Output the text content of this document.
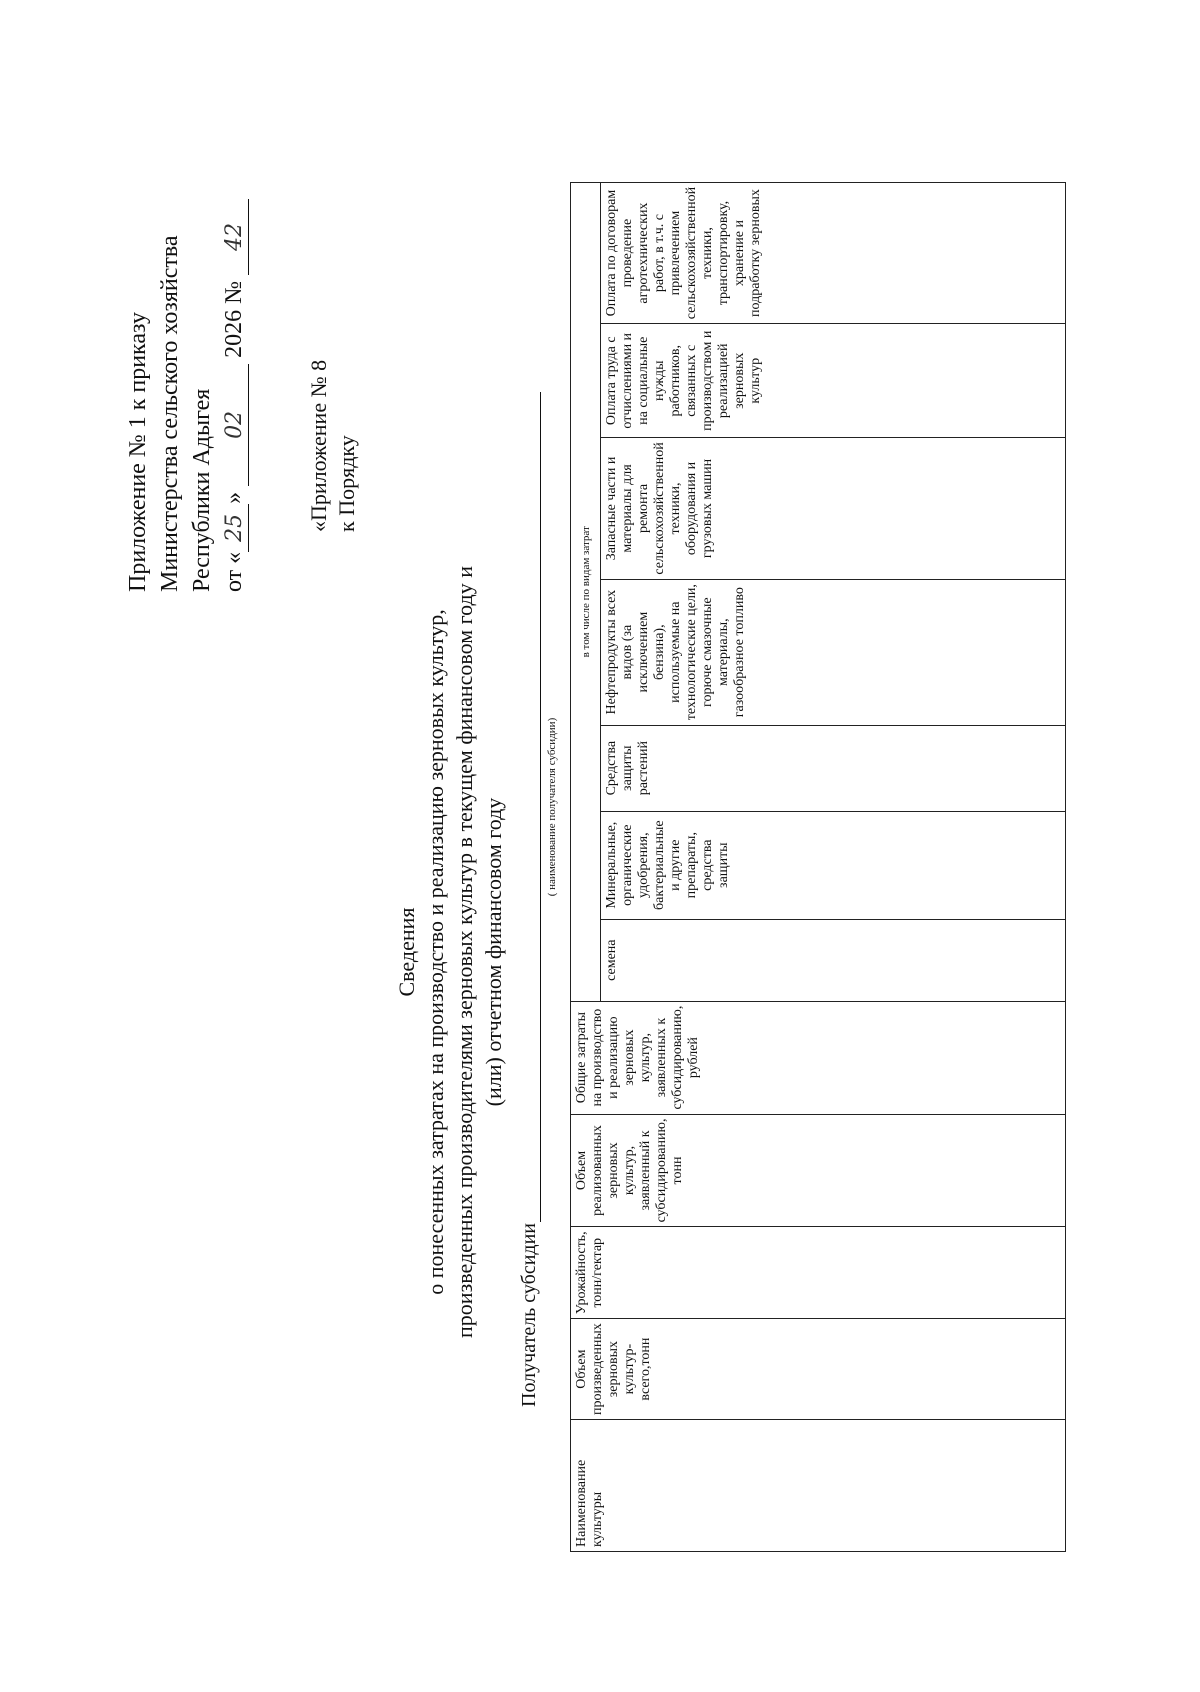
Приложение № 1 к приказу Министерства сельского хозяйства Республики Адыгея от «25» 02 2026 № 42
«Приложение № 8 к Порядку
Сведения о понесенных затратах на производство и реализацию зерновых культур, произведенных производителями зерновых культур в текущем финансовом году и (или) отчетном финансовом году
Получатель субсидии
( наименование получателя субсидии)
Наименование культуры	Объем произведенных зерновых культур-всего,тонн	Урожайность, тонн/гектар	Объем реализованных зерновых культур, заявленный к субсидированию, тонн	Общие затраты на производство и реализацию зерновых культур, заявленных к субсидированию, рублей	в том числе по видам затрат						
					семена	Минеральные, органические удобрения, бактериальные и другие препараты, средства защиты	Средства защиты растений	Нефтепродукты всех видов (за исключением бензина), используемые на технологические цели, горюче смазочные материалы, газообразное топливо	Запасные части и материалы для ремонта сельскохозяйственной техники, оборудования и грузовых машин	Оплата труда с отчислениями и на социальные нужды работников, связанных с производством и реализацией зерновых культур	Оплата по договорам проведение агротехнических работ, в т.ч. с привлечением сельскохозяйственной техники, транспортировку, хранение и подработку зерновых
